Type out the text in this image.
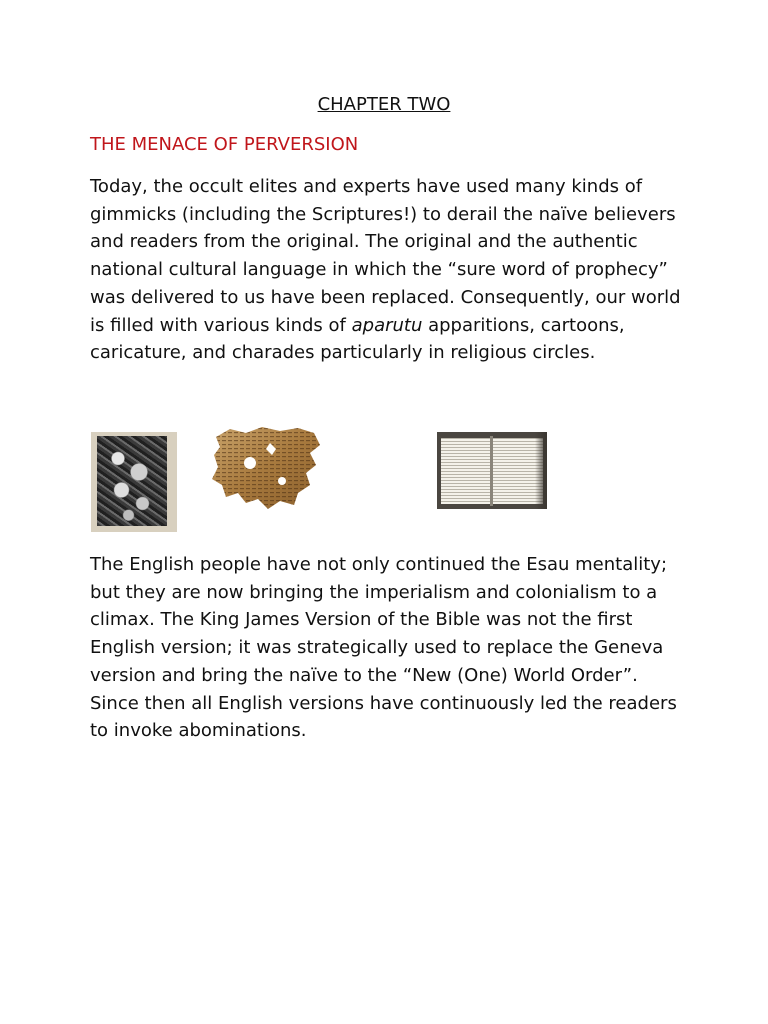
CHAPTER TWO
THE MENACE OF PERVERSION

Today, the occult elites and experts have used many kinds of gimmicks (including the Scriptures!) to derail the naïve believers and readers from the original. The original and the authentic national cultural language in which the “sure word of prophecy” was delivered to us have been replaced. Consequently, our world is filled with various kinds of aparutu apparitions, cartoons, caricature, and charades particularly in religious circles.

The English people have not only continued the Esau mentality; but they are now bringing the imperialism and colonialism to a climax. The King James Version of the Bible was not the first English version; it was strategically used to replace the Geneva version and bring the naïve to the “New (One) World Order”. Since then all English versions have continuously led the readers to invoke abominations.
